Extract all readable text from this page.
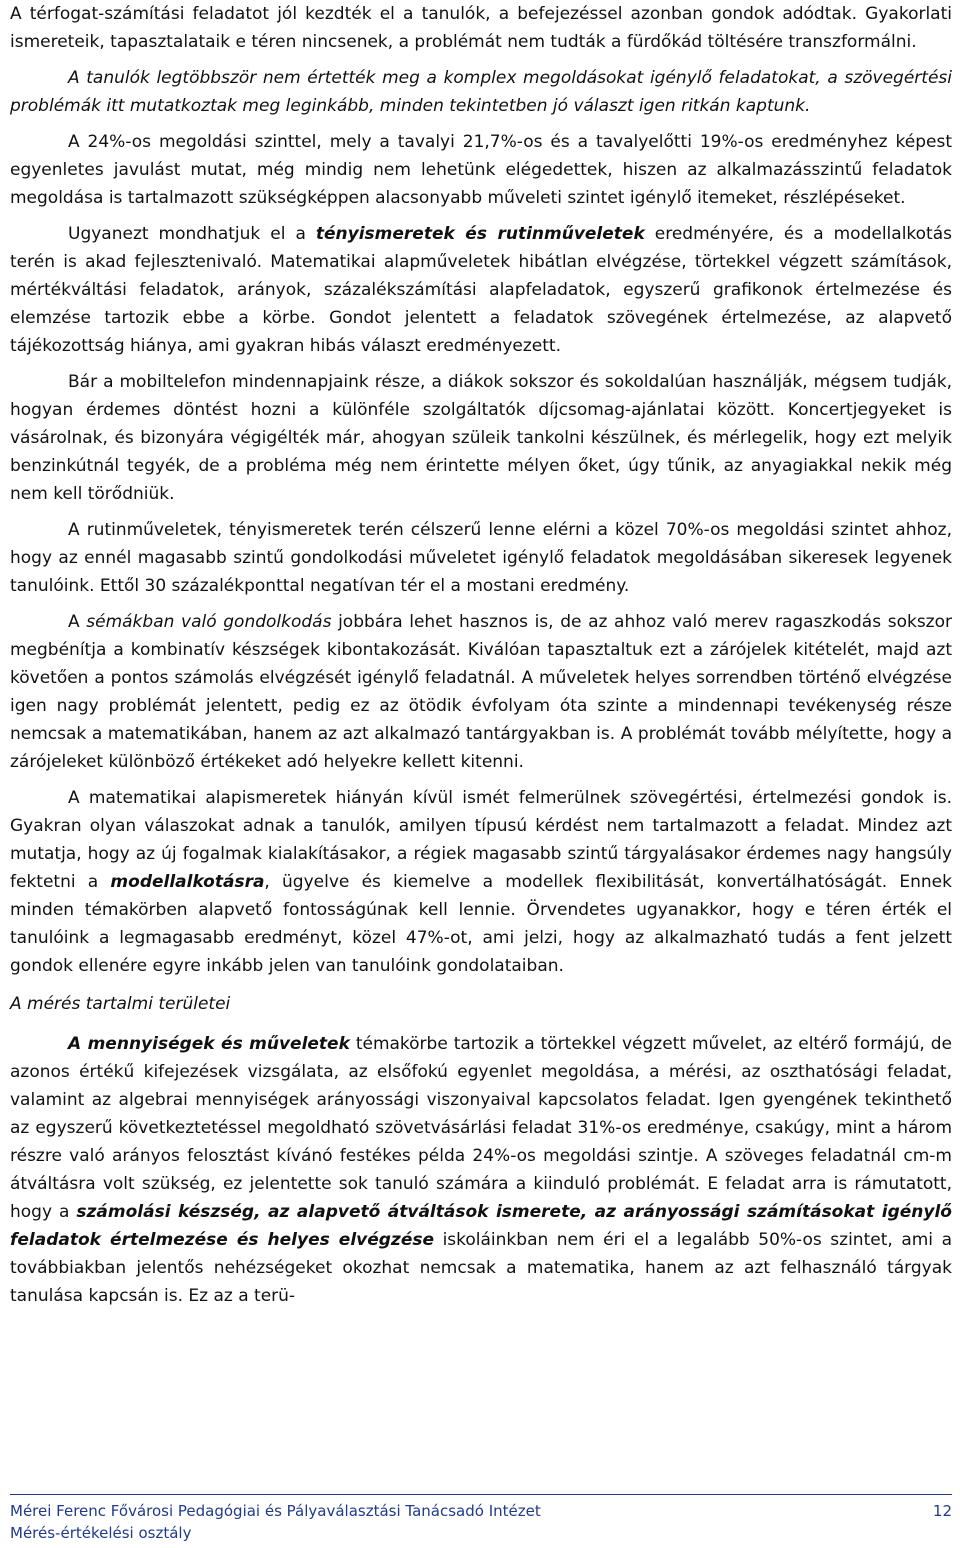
A térfogat-számítási feladatot jól kezdték el a tanulók, a befejezéssel azonban gondok adódtak. Gyakorlati ismereteik, tapasztalataik e téren nincsenek, a problémát nem tudták a fürdőkád töltésére transzformálni.

A tanulók legtöbbször nem értették meg a komplex megoldásokat igénylő feladatokat, a szövegértési problémák itt mutatkoztak meg leginkább, minden tekintetben jó választ igen ritkán kaptunk.

A 24%-os megoldási szinttel, mely a tavalyi 21,7%-os és a tavalyelőtti 19%-os eredményhez képest egyenletes javulást mutat, még mindig nem lehetünk elégedettek, hiszen az alkalmazásszintű feladatok megoldása is tartalmazott szükségképpen alacsonyabb műveleti szintet igénylő itemeket, részlépéseket.

Ugyanezt mondhatjuk el a tényismeretek és rutinműveletek eredményére, és a modellalkotás terén is akad fejlesztenivaló. Matematikai alapműveletek hibátlan elvégzése, törtekkel végzett számítások, mértékváltási feladatok, arányok, százalékszámítási alapfeladatok, egyszerű grafikonok értelmezése és elemzése tartozik ebbe a körbe. Gondot jelentett a feladatok szövegének értelmezése, az alapvető tájékozottság hiánya, ami gyakran hibás választ eredményezett.

Bár a mobiltelefon mindennapjaink része, a diákok sokszor és sokoldalúan használják, mégsem tudják, hogyan érdemes döntést hozni a különféle szolgáltatók díjcsomag-ajánlatai között. Koncertjegyeket is vásárolnak, és bizonyára végigélték már, ahogyan szüleik tankolni készülnek, és mérlegelik, hogy ezt melyik benzinkútnál tegyék, de a probléma még nem érintette mélyen őket, úgy tűnik, az anyagiakkal nekik még nem kell törődniük.

A rutinműveletek, tényismeretek terén célszerű lenne elérni a közel 70%-os megoldási szintet ahhoz, hogy az ennél magasabb szintű gondolkodási műveletet igénylő feladatok megoldásában sikeresek legyenek tanulóink. Ettől 30 százalékponttal negatívan tér el a mostani eredmény.

A sémákban való gondolkodás jobbára lehet hasznos is, de az ahhoz való merev ragaszkodás sokszor megbénítja a kombinatív készségek kibontakozását. Kiválóan tapasztaltuk ezt a zárójelek kitételét, majd azt követően a pontos számolás elvégzését igénylő feladatnál. A műveletek helyes sorrendben történő elvégzése igen nagy problémát jelentett, pedig ez az ötödik évfolyam óta szinte a mindennapi tevékenység része nemcsak a matematikában, hanem az azt alkalmazó tantárgyakban is. A problémát tovább mélyítette, hogy a zárójeleket különböző értékeket adó helyekre kellett kitenni.

A matematikai alapismeretek hiányán kívül ismét felmerülnek szövegértési, értelmezési gondok is. Gyakran olyan válaszokat adnak a tanulók, amilyen típusú kérdést nem tartalmazott a feladat. Mindez azt mutatja, hogy az új fogalmak kialakításakor, a régiek magasabb szintű tárgyalásakor érdemes nagy hangsúly fektetni a modellalkotásra, ügyelve és kiemelve a modellek flexibilitását, konvertálhatóságát. Ennek minden témakörben alapvető fontosságúnak kell lennie. Örvendetes ugyanakkor, hogy e téren érték el tanulóink a legmagasabb eredményt, közel 47%-ot, ami jelzi, hogy az alkalmazható tudás a fent jelzett gondok ellenére egyre inkább jelen van tanulóink gondolataiban.

A mérés tartalmi területei

A mennyiségek és műveletek témakörbe tartozik a törtekkel végzett művelet, az eltérő formájú, de azonos értékű kifejezések vizsgálata, az elsőfokú egyenlet megoldása, a mérési, az oszthatósági feladat, valamint az algebrai mennyiségek arányossági viszonyaival kapcsolatos feladat. Igen gyengének tekinthető az egyszerű következtetéssel megoldható szövetvásárlási feladat 31%-os eredménye, csakúgy, mint a három részre való arányos felosztást kívánó festékes példa 24%-os megoldási szintje. A szöveges feladatnál cm-m átváltásra volt szükség, ez jelentette sok tanuló számára a kiinduló problémát. E feladat arra is rámutatott, hogy a számolási készség, az alapvető átváltások ismerete, az arányossági számításokat igénylő feladatok értelmezése és helyes elvégzése iskoláinkban nem éri el a legalább 50%-os szintet, ami a továbbiakban jelentős nehézségeket okozhat nemcsak a matematika, hanem az azt felhasználó tárgyak tanulása kapcsán is. Ez az a terü-

Mérei Ferenc Fővárosi Pedagógiai és Pályaválasztási Tanácsadó Intézet
Mérés-értékelési osztály
12
